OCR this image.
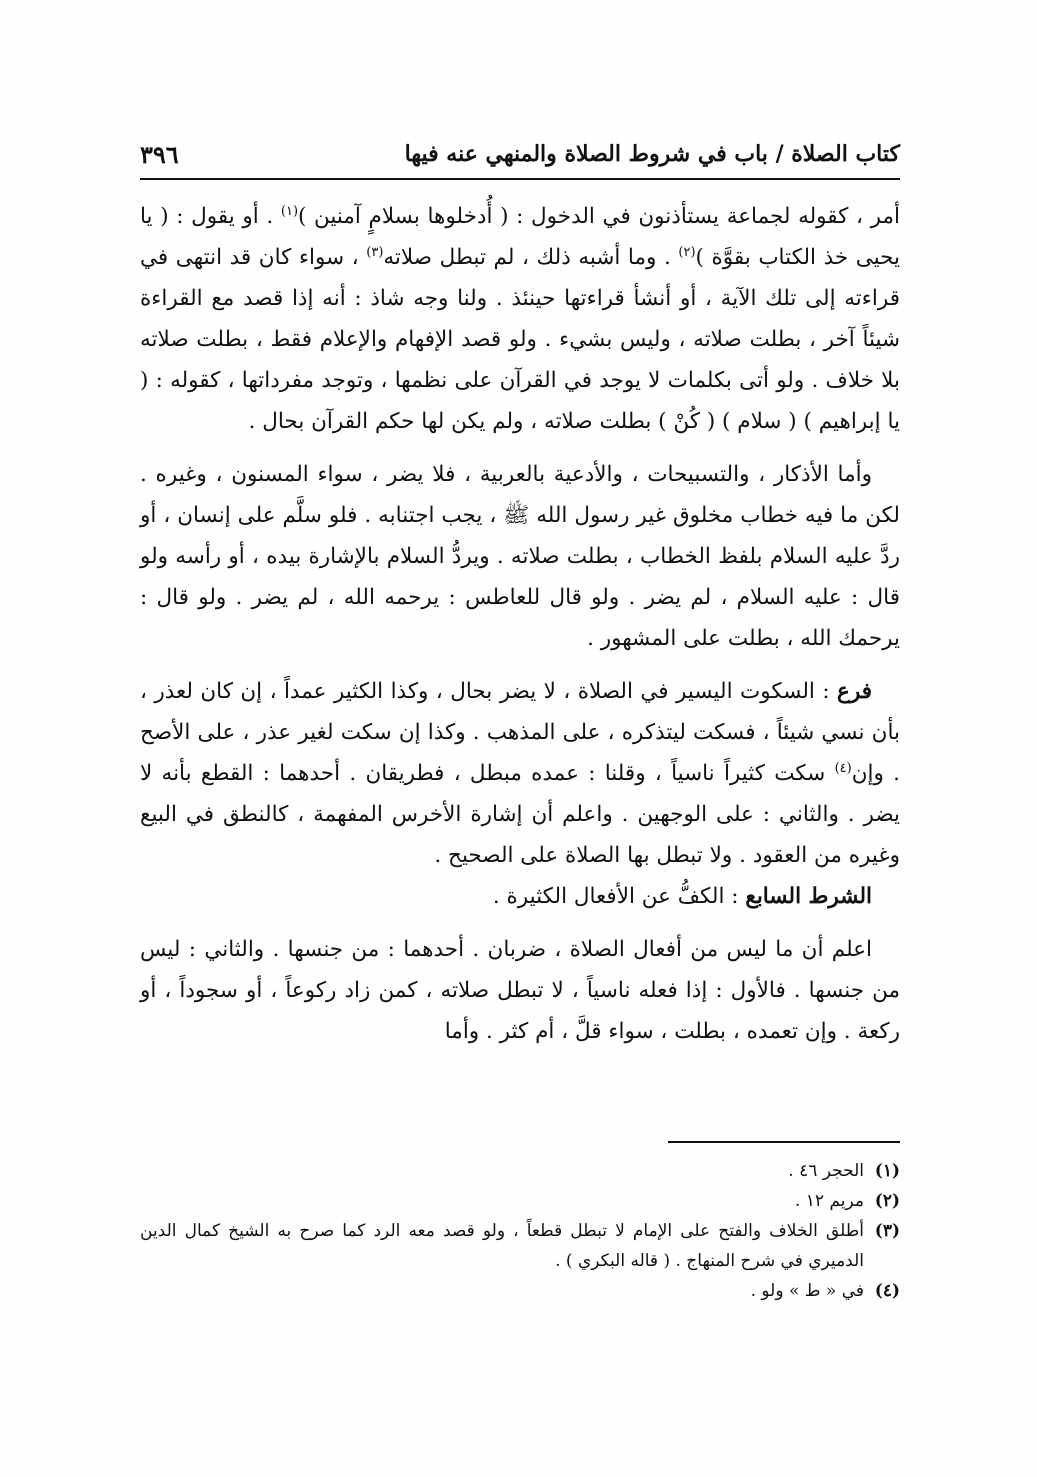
كتاب الصلاة / باب في شروط الصلاة والمنهي عنه فيها
٣٩٦

أمر ، كقوله لجماعة يستأذنون في الدخول : ( أُدخلوها بسلامٍ آمنين )$^{(١)}$ . أو يقول : ( يا يحيى خذ الكتاب بقوَّة )$^{(٢)}$ . وما أشبه ذلك ، لم تبطل صلاته$^{(٣)}$ ، سواء كان قد انتهى في قراءته إلى تلك الآية ، أو أنشأ قراءتها حينئذ . ولنا وجه شاذ : أنه إذا قصد مع القراءة شيئاً آخر ، بطلت صلاته ، وليس بشيء . ولو قصد الإفهام والإعلام فقط ، بطلت صلاته بلا خلاف . ولو أتى بكلمات لا يوجد في القرآن على نظمها ، وتوجد مفرداتها ، كقوله : ( يا إبراهيم ) ( سلام ) ( كُنْ ) بطلت صلاته ، ولم يكن لها حكم القرآن بحال .

وأما الأذكار ، والتسبيحات ، والأدعية بالعربية ، فلا يضر ، سواء المسنون ، وغيره . لكن ما فيه خطاب مخلوق غير رسول الله ﷺ ، يجب اجتنابه . فلو سلَّم على إنسان ، أو ردَّ عليه السلام بلفظ الخطاب ، بطلت صلاته . ويردُّ السلام بالإشارة بيده ، أو رأسه ولو قال : عليه السلام ، لم يضر . ولو قال للعاطس : يرحمه الله ، لم يضر . ولو قال : يرحمك الله ، بطلت على المشهور .

فرع : السكوت اليسير في الصلاة ، لا يضر بحال ، وكذا الكثير عمداً ، إن كان لعذر ، بأن نسي شيئاً ، فسكت ليتذكره ، على المذهب . وكذا إن سكت لغير عذر ، على الأصح . وإن$^{(٤)}$ سكت كثيراً ناسياً ، وقلنا : عمده مبطل ، فطريقان . أحدهما : القطع بأنه لا يضر . والثاني : على الوجهين . واعلم أن إشارة الأخرس المفهمة ، كالنطق في البيع وغيره من العقود . ولا تبطل بها الصلاة على الصحيح .

الشرط السابع : الكفُّ عن الأفعال الكثيرة .

اعلم أن ما ليس من أفعال الصلاة ، ضربان . أحدهما : من جنسها . والثاني : ليس من جنسها . فالأول : إذا فعله ناسياً ، لا تبطل صلاته ، كمن زاد ركوعاً ، أو سجوداً ، أو ركعة . وإن تعمده ، بطلت ، سواء قلَّ ، أم كثر . وأما

(١)
الحجر ٤٦ .
(٢)
مريم ١٢ .
(٣)
أطلق الخلاف والفتح على الإمام لا تبطل قطعاً ، ولو قصد معه الرد كما صرح به الشيخ كمال الدين الدميري في شرح المنهاج . ( قاله البكري ) .
(٤)
في « ط » ولو .
